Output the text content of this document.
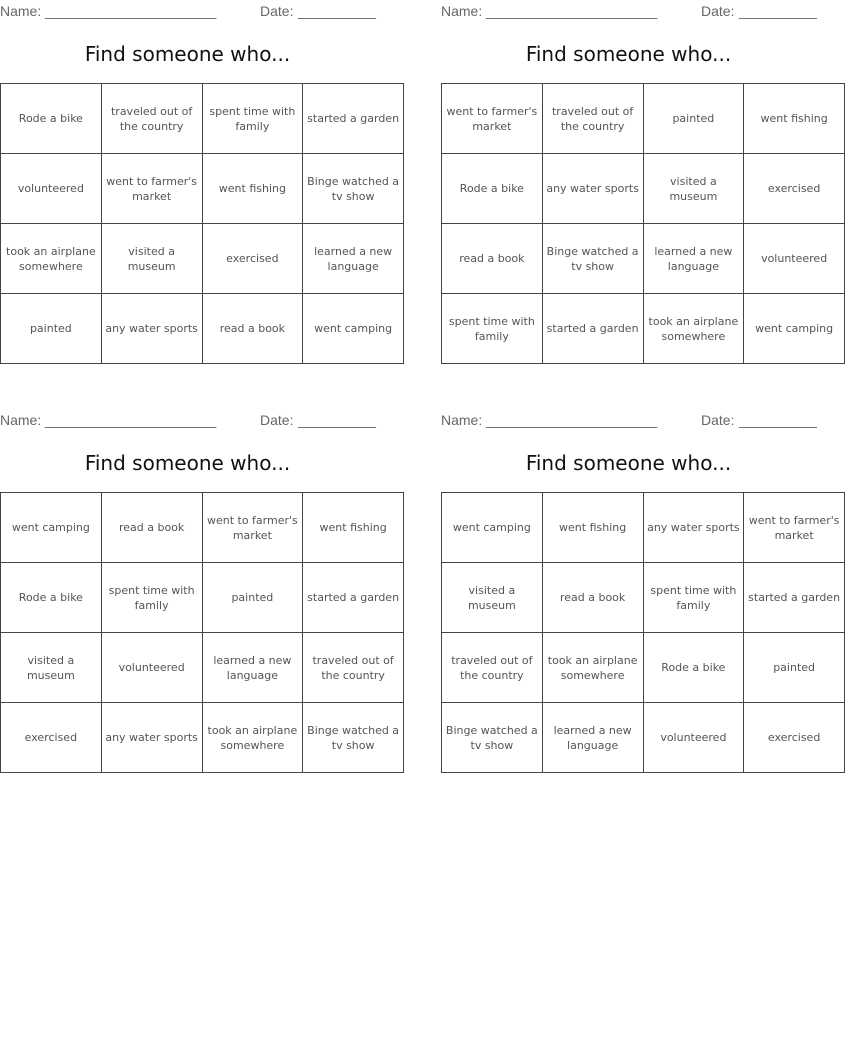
Name: ______________________	Date: __________
Find someone who...
Rode a bike	traveled out of the country	spent time with family	started a garden
volunteered	went to farmer's market	went fishing	Binge watched a tv show
took an airplane somewhere	visited a museum	exercised	learned a new language
painted	any water sports	read a book	went camping
Name: ______________________	Date: __________
Find someone who...
went to farmer's market	traveled out of the country	painted	went fishing
Rode a bike	any water sports	visited a museum	exercised
read a book	Binge watched a tv show	learned a new language	volunteered
spent time with family	started a garden	took an airplane somewhere	went camping
Name: ______________________	Date: __________
Find someone who...
went camping	read a book	went to farmer's market	went fishing
Rode a bike	spent time with family	painted	started a garden
visited a museum	volunteered	learned a new language	traveled out of the country
exercised	any water sports	took an airplane somewhere	Binge watched a tv show
Name: ______________________	Date: __________
Find someone who...
went camping	went fishing	any water sports	went to farmer's market
visited a museum	read a book	spent time with family	started a garden
traveled out of the country	took an airplane somewhere	Rode a bike	painted
Binge watched a tv show	learned a new language	volunteered	exercised
